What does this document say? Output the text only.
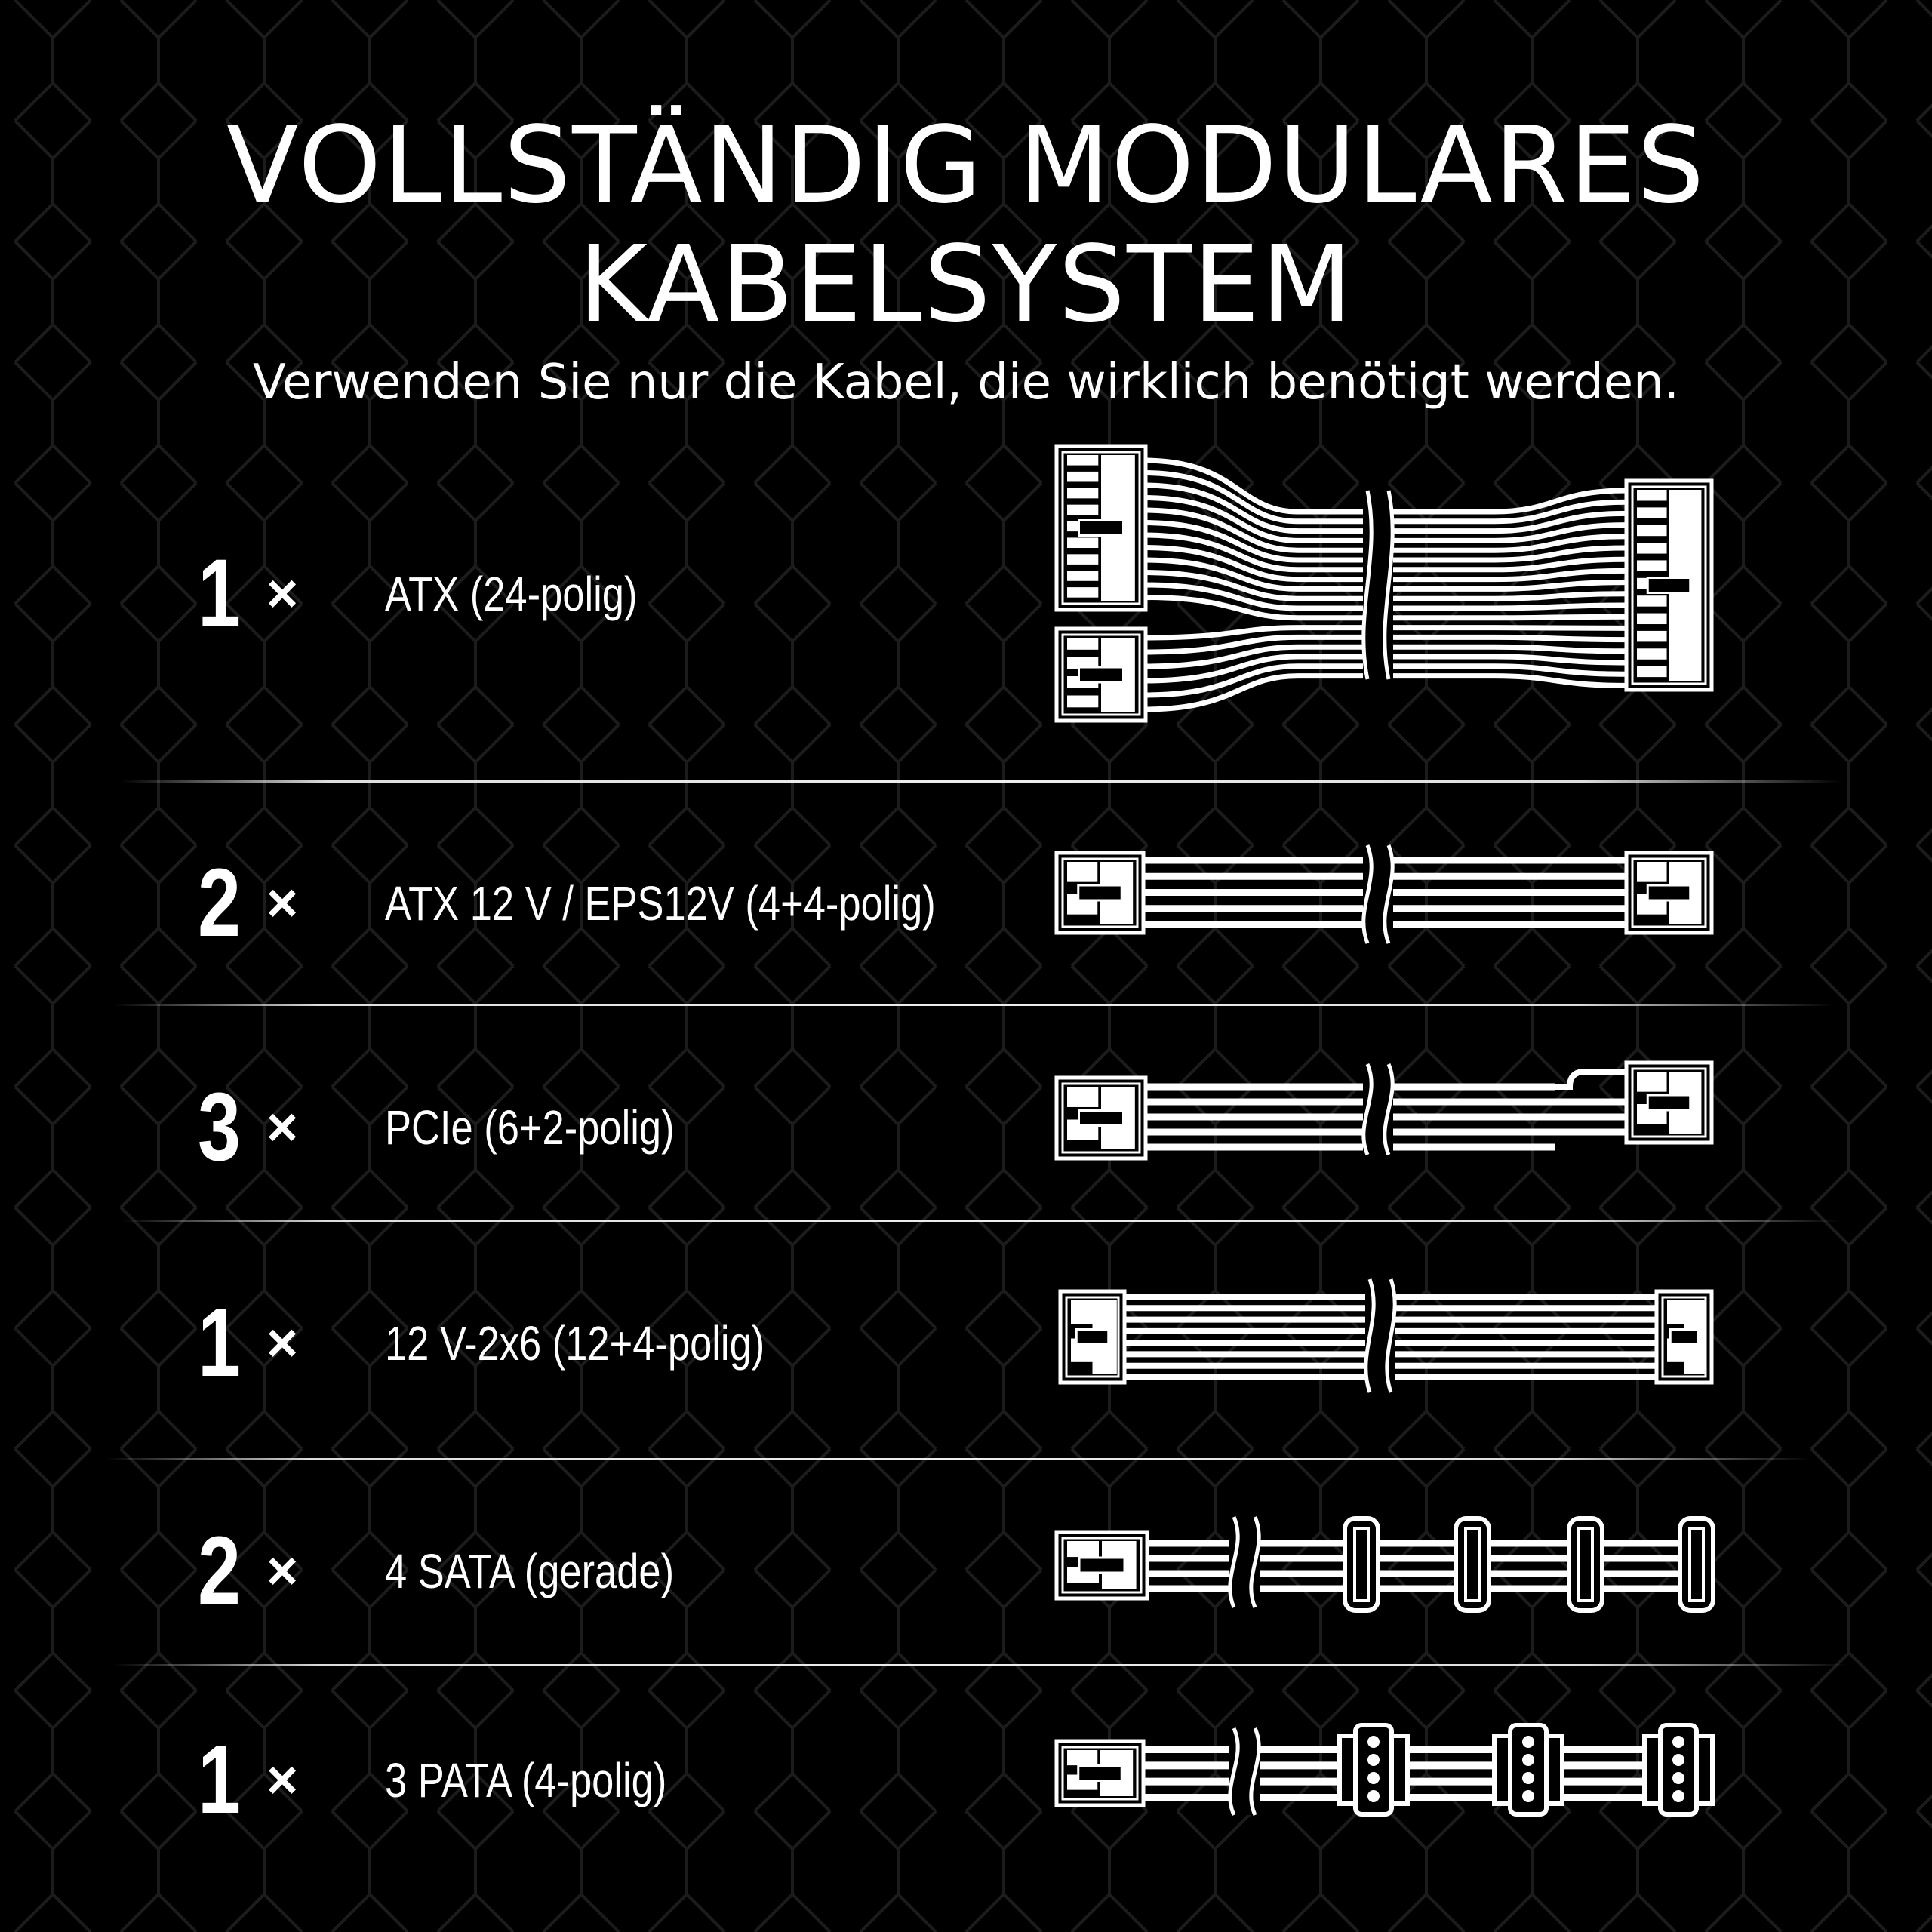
VOLLSTÄNDIG MODULARES
KABELSYSTEM
Verwenden Sie nur die Kabel, die wirklich benötigt werden.
1 × ATX (24-polig)
2 × ATX 12 V / EPS12V (4+4-polig)
3 × PCIe (6+2-polig)
1 × 12 V-2x6 (12+4-polig)
2 × 4 SATA (gerade)
1 × 3 PATA (4-polig)
